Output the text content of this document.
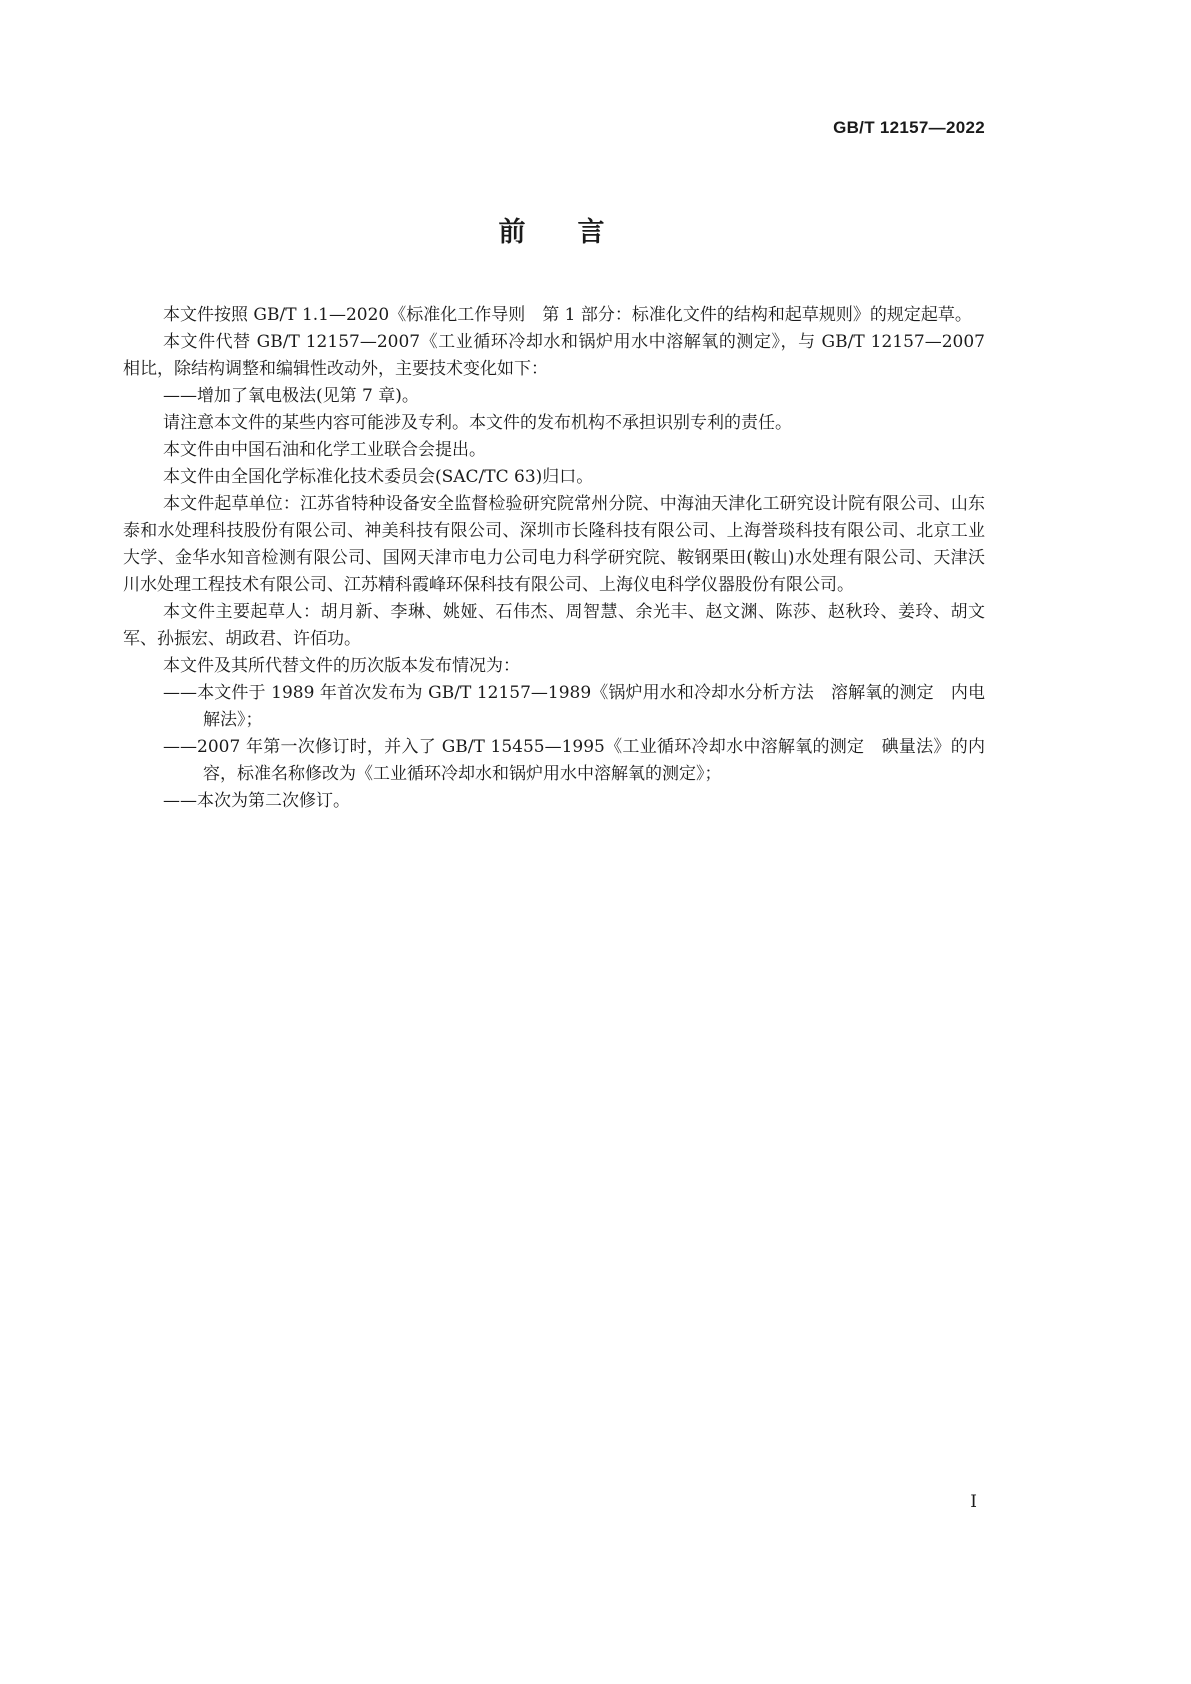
GB/T 12157—2022
前言

本文件按照 GB/T 1.1—2020《标准化工作导则　第 1 部分：标准化文件的结构和起草规则》的规定起草。

本文件代替 GB/T 12157—2007《工业循环冷却水和锅炉用水中溶解氧的测定》，与 GB/T 12157—2007 相比，除结构调整和编辑性改动外，主要技术变化如下：

——增加了氧电极法(见第 7 章)。

请注意本文件的某些内容可能涉及专利。本文件的发布机构不承担识别专利的责任。

本文件由中国石油和化学工业联合会提出。

本文件由全国化学标准化技术委员会(SAC/TC 63)归口。

本文件起草单位：江苏省特种设备安全监督检验研究院常州分院、中海油天津化工研究设计院有限公司、山东泰和水处理科技股份有限公司、神美科技有限公司、深圳市长隆科技有限公司、上海誉琰科技有限公司、北京工业大学、金华水知音检测有限公司、国网天津市电力公司电力科学研究院、鞍钢栗田(鞍山)水处理有限公司、天津沃川水处理工程技术有限公司、江苏精科霞峰环保科技有限公司、上海仪电科学仪器股份有限公司。

本文件主要起草人：胡月新、李琳、姚娅、石伟杰、周智慧、余光丰、赵文渊、陈莎、赵秋玲、姜玲、胡文军、孙振宏、胡政君、许佰功。

本文件及其所代替文件的历次版本发布情况为：

——本文件于 1989 年首次发布为 GB/T 12157—1989《锅炉用水和冷却水分析方法　溶解氧的测定　内电解法》；

——2007 年第一次修订时，并入了 GB/T 15455—1995《工业循环冷却水中溶解氧的测定　碘量法》的内容，标准名称修改为《工业循环冷却水和锅炉用水中溶解氧的测定》；

——本次为第二次修订。

I
